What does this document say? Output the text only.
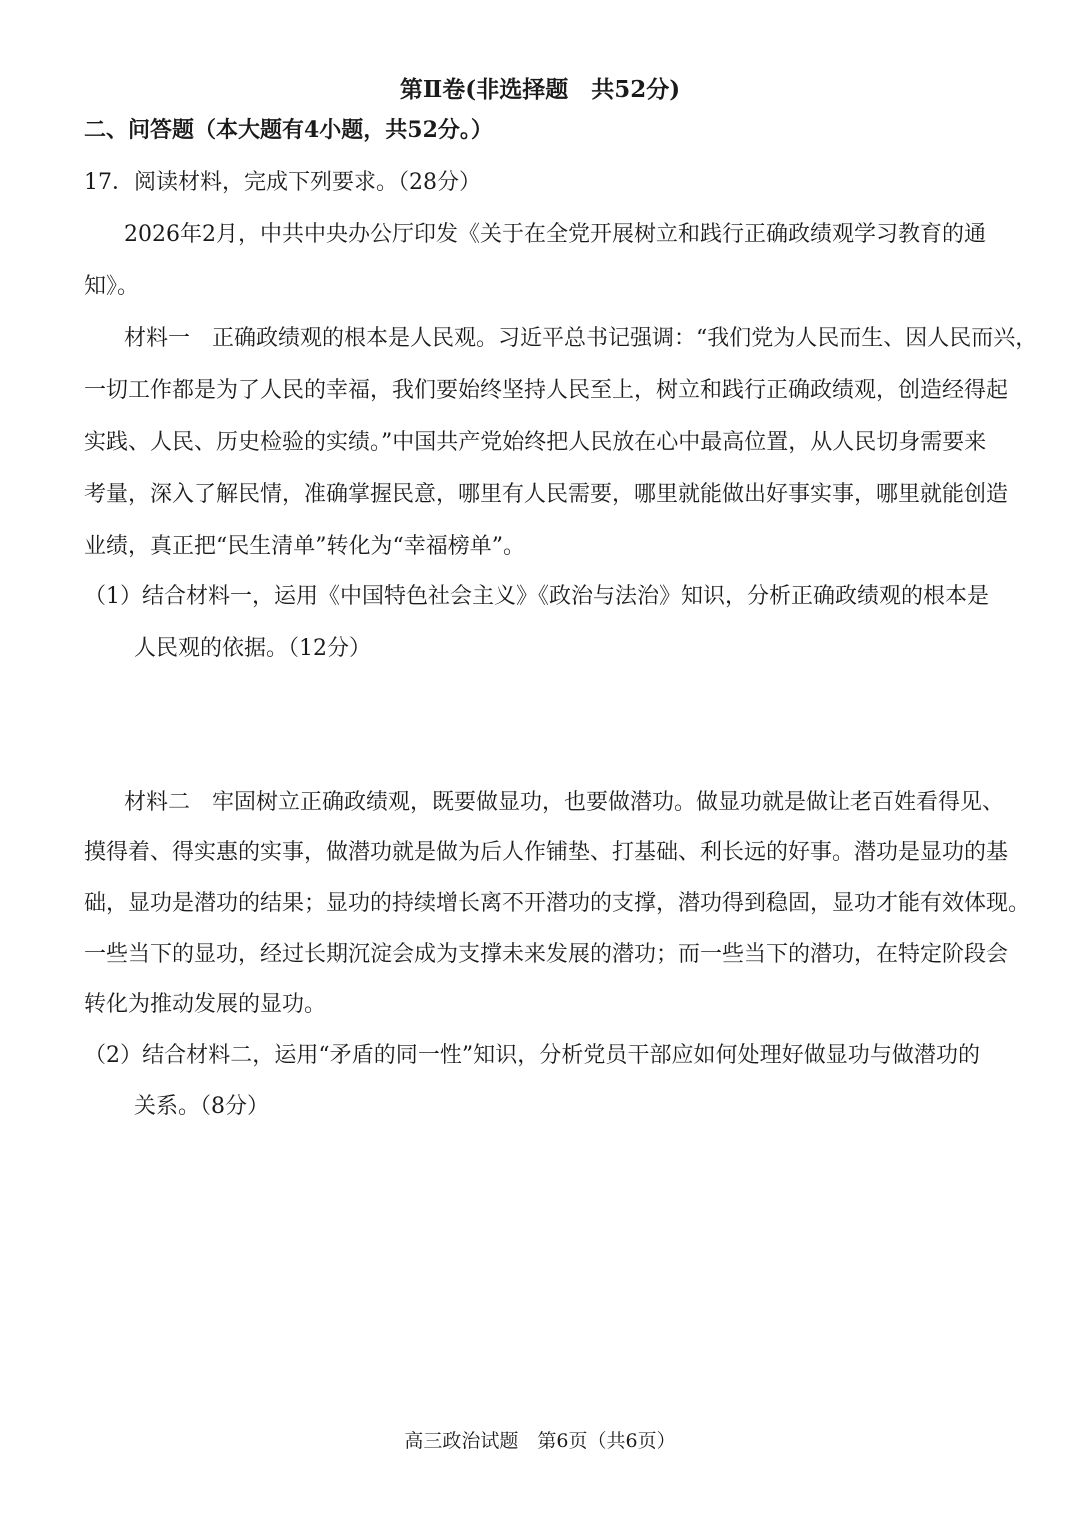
第Ⅱ卷(非选择题　共52分)
二、问答题（本大题有4小题，共52分。）
17．阅读材料，完成下列要求。（28分）
2026年2月，中共中央办公厅印发《关于在全党开展树立和践行正确政绩观学习教育的通
知》。
材料一　正确政绩观的根本是人民观。习近平总书记强调：“我们党为人民而生、因人民而兴，
一切工作都是为了人民的幸福，我们要始终坚持人民至上，树立和践行正确政绩观，创造经得起
实践、人民、历史检验的实绩。”中国共产党始终把人民放在心中最高位置，从人民切身需要来
考量，深入了解民情，准确掌握民意，哪里有人民需要，哪里就能做出好事实事，哪里就能创造
业绩，真正把“民生清单”转化为“幸福榜单”。
（1）结合材料一，运用《中国特色社会主义》《政治与法治》知识，分析正确政绩观的根本是
人民观的依据。（12分）
材料二　牢固树立正确政绩观，既要做显功，也要做潜功。做显功就是做让老百姓看得见、
摸得着、得实惠的实事，做潜功就是做为后人作铺垫、打基础、利长远的好事。潜功是显功的基
础，显功是潜功的结果；显功的持续增长离不开潜功的支撑，潜功得到稳固，显功才能有效体现。
一些当下的显功，经过长期沉淀会成为支撑未来发展的潜功；而一些当下的潜功，在特定阶段会
转化为推动发展的显功。
（2）结合材料二，运用“矛盾的同一性”知识，分析党员干部应如何处理好做显功与做潜功的
关系。（8分）
高三政治试题　第6页（共6页）
